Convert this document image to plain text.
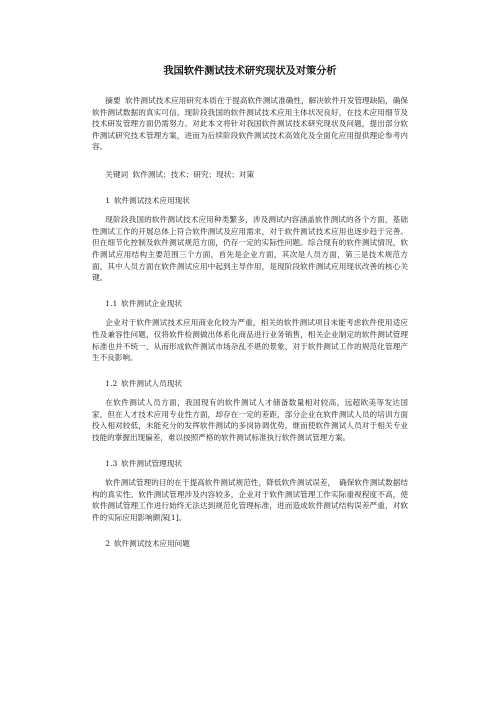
我国软件测试技术研究现状及对策分析

摘要 软件测试技术应用研究本质在于提高软件测试准确性，解决软件开发管理缺陷，确保软件测试数据的真实可信。现阶段我国的软件测试技术应用主体状况良好，在技术应用细节及技术研发管理方面仍需努力。对此本文将针对我国软件测试技术研究现状及问题，提出部分软件测试研究技术管理方案，进而为后续阶段软件测试技术高效化及全面化应用提供理论参考内容。

关键词 软件测试；技术；研究；现状；对策

1 软件测试技术应用现状

现阶段我国的软件测试技术应用种类繁多，涉及测试内容涵盖软件测试的各个方面，基础性测试工作的开展总体上符合软件测试及应用需求，对于软件测试技术应用也逐步趋于完善。但在细节化控制及软件测试规范方面，仍存一定的实际性问题。综合现有的软件测试情况，软件测试应用结构主要范围三个方面，首先是企业方面，其次是人员方面，第三是技术规范方面，其中人员方面在软件测试应用中起到主导作用，是现阶段软件测试应用现状改善的核心关键。

1.1 软件测试企业现状

企业对于软件测试技术应用商业化较为严重，相关的软件测试项目未能考虑软件使用适应性及兼容性问题，仅将软件检测做出体系化商品进行业务销售，相关企业制定的软件测试管理标准也并不统一，从而形成软件测试市场杂乱不堪的景象，对于软件测试工作的规范化管理产生不良影响。

1.2 软件测试人员现状

在软件测试人员方面，我国现有的软件测试人才储备数量相对较高，远超欧美等发达国家，但在人才技术应用专业性方面，却存在一定的差距，部分企业在软件测试人员的培训方面投入相对较低，未能充分的发挥软件测试的多岗协调优势，继而使软件测试人员对于相关专业技能的掌握出现偏差，难以按照严格的软件测试标准执行软件测试管理方案。

1.3 软件测试管理现状

软件测试管理的目的在于提高软件测试规范性，降低软件测试误差，　确保软件测试数据结构的真实性。软件测试管理涉及内容较多，企业对于软件测试管理工作实际重视程度不高，使软件测试管理工作进行始终无法达到规范化管理标准，进而造成软件测试结构误差严重，对软件的实际应用影响颇深[1]。

2 软件测试技术应用问题
